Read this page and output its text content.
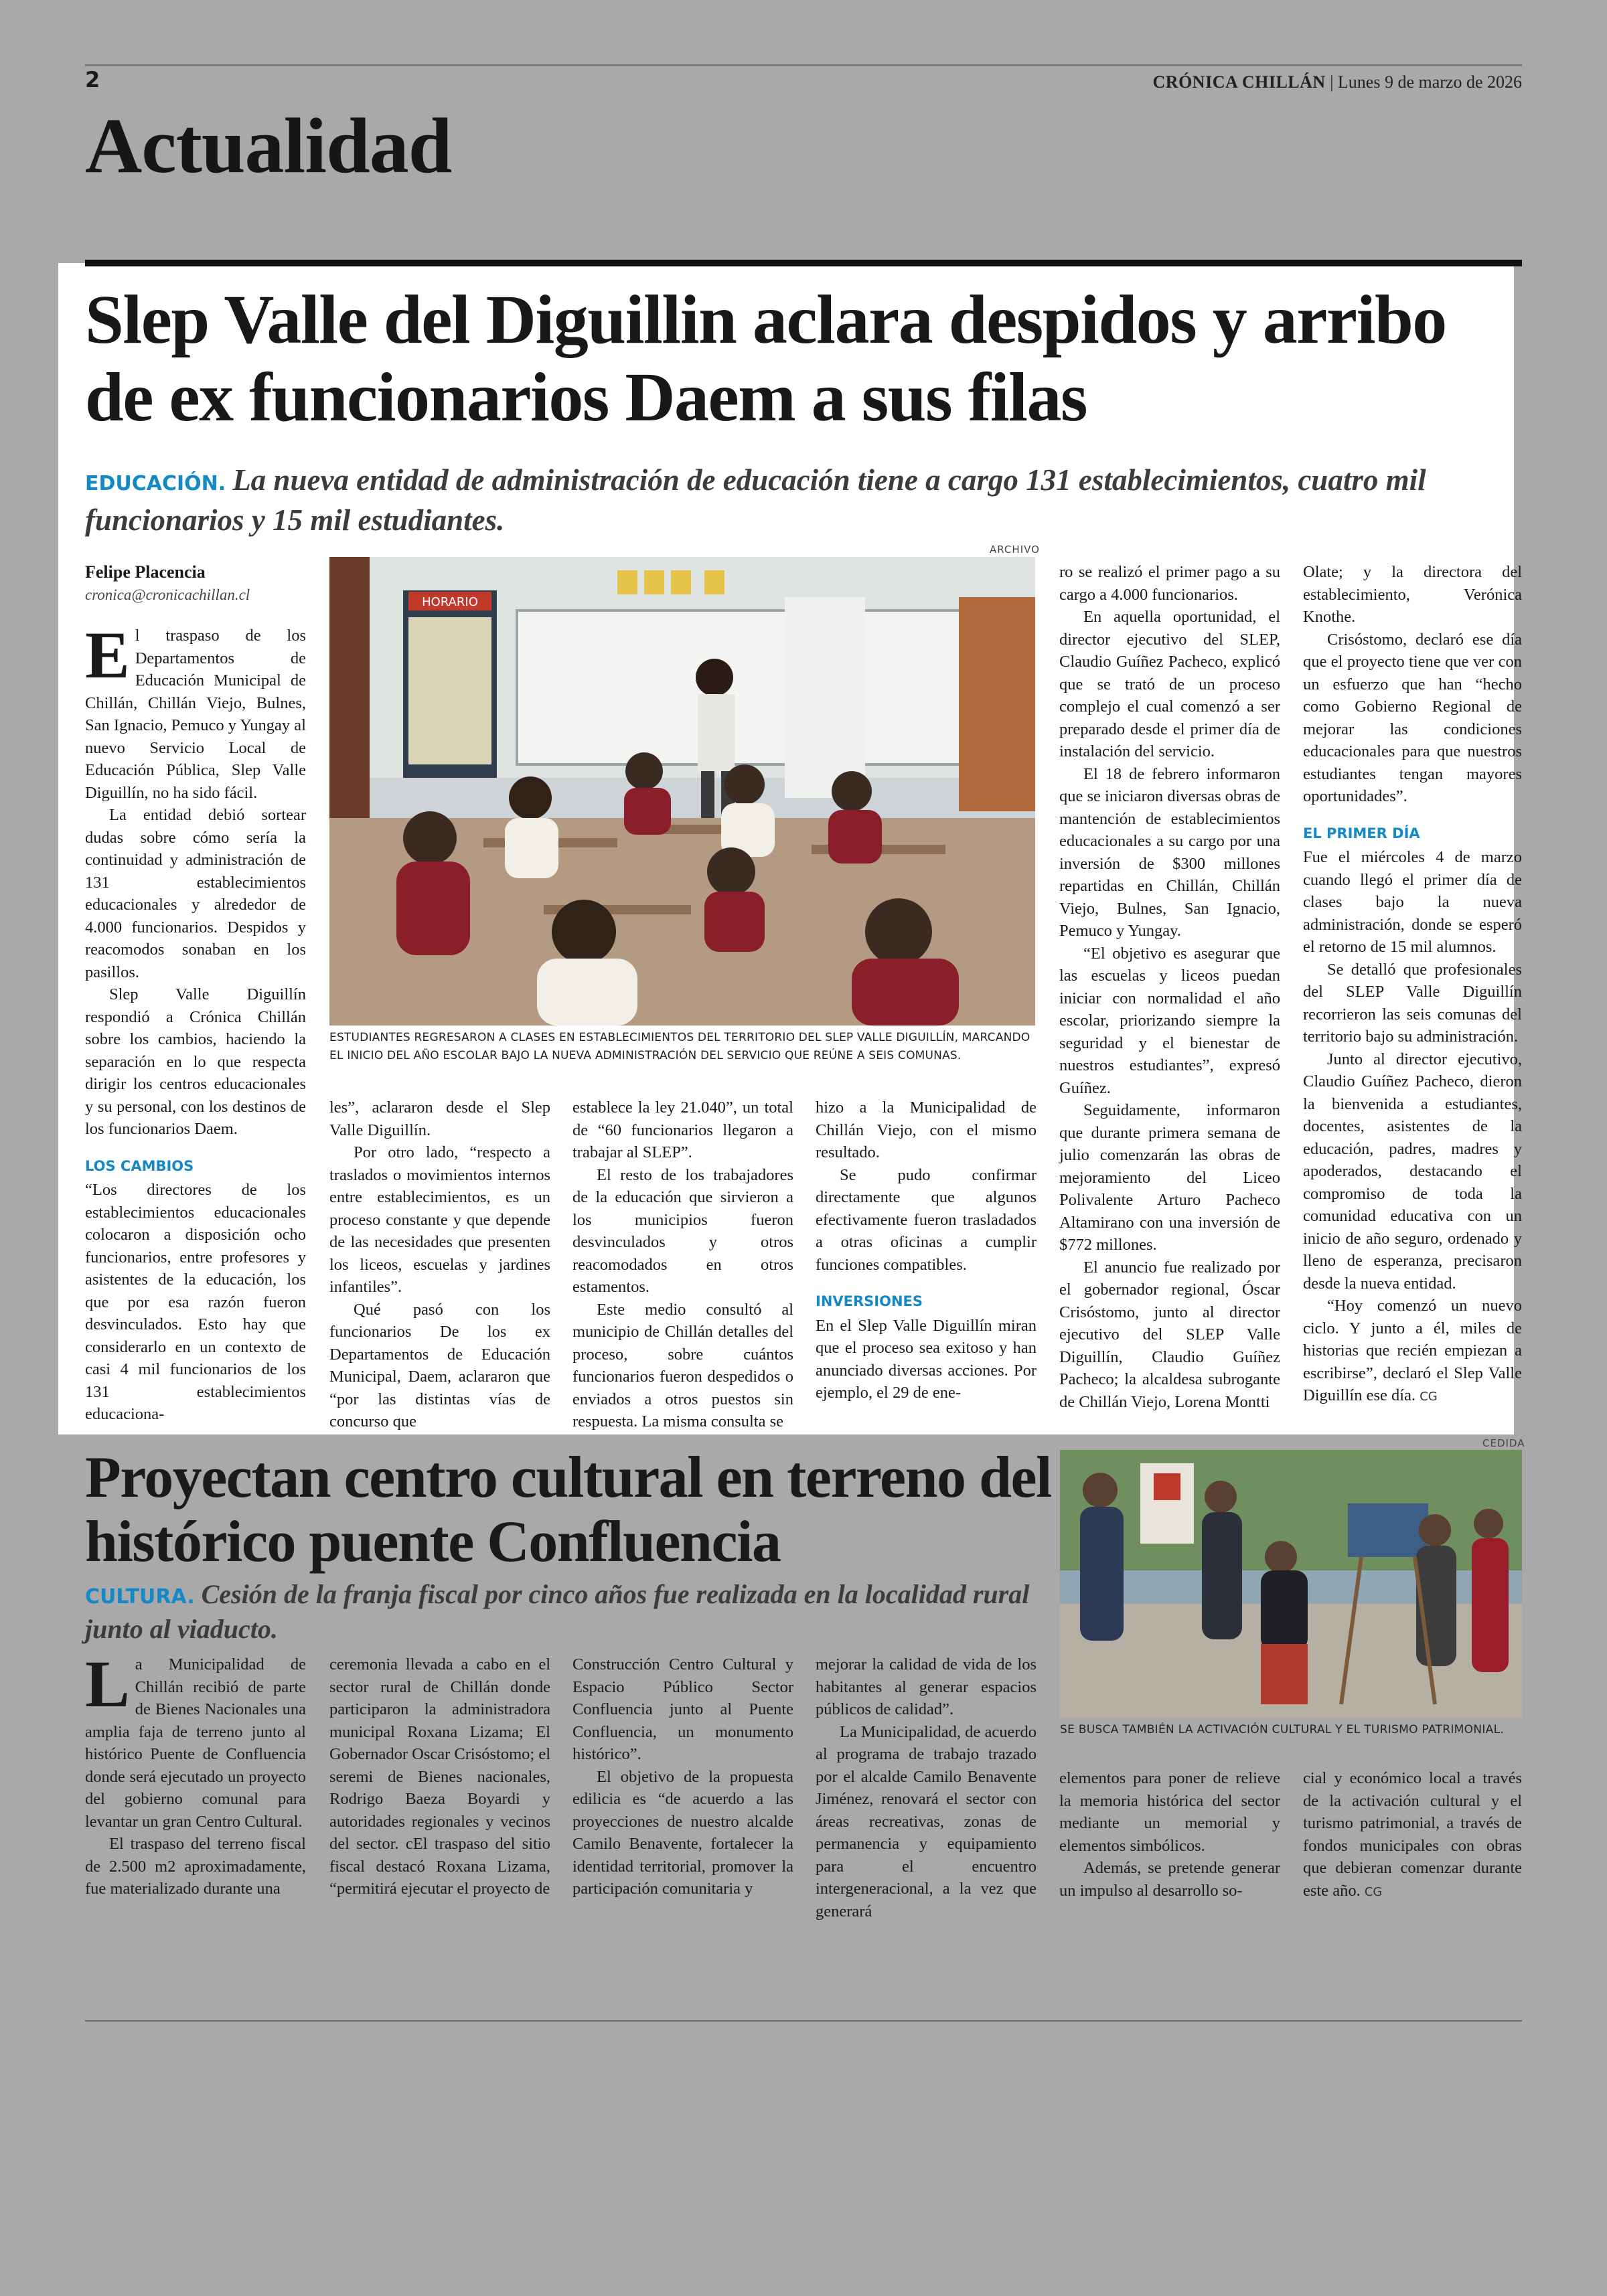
2	CRÓNICA CHILLÁN | Lunes 9 de marzo de 2026
Actualidad
Slep Valle del Diguillin aclara despidos y arribo de ex funcionarios Daem a sus filas
EDUCACIÓN. La nueva entidad de administración de educación tiene a cargo 131 establecimientos, cuatro mil funcionarios y 15 mil estudiantes.
Felipe Placencia
cronica@cronicachillan.cl
ARCHIVO
HORARIO
ESTUDIANTES REGRESARON A CLASES EN ESTABLECIMIENTOS DEL TERRITORIO DEL SLEP VALLE DIGUILLÍN, MARCANDO EL INICIO DEL AÑO ESCOLAR BAJO LA NUEVA ADMINISTRACIÓN DEL SERVICIO QUE REÚNE A SEIS COMUNAS.

El traspaso de los Departamentos de Educación Municipal de Chillán, Chillán Viejo, Bulnes, San Ignacio, Pemuco y Yungay al nuevo Servicio Local de Educación Pública, Slep Valle Diguillín, no ha sido fácil.

La entidad debió sortear dudas sobre cómo sería la continuidad y administración de 131 establecimientos educacionales y alrededor de 4.000 funcionarios. Despidos y reacomodos sonaban en los pasillos.

Slep Valle Diguillín respondió a Crónica Chillán sobre los cambios, haciendo la separación en lo que respecta dirigir los centros educacionales y su personal, con los destinos de los funcionarios Daem.

LOS CAMBIOS

“Los directores de los establecimientos educacionales colocaron a disposición ocho funcionarios, entre profesores y asistentes de la educación, los que por esa razón fueron desvinculados. Esto hay que considerarlo en un contexto de casi 4 mil funcionarios de los 131 establecimientos educaciona-

les”, aclararon desde el Slep Valle Diguillín.

Por otro lado, “respecto a traslados o movimientos internos entre establecimientos, es un proceso constante y que depende de las necesidades que presenten los liceos, escuelas y jardines infantiles”.

Qué pasó con los funcionarios De los ex Departamentos de Educación Municipal, Daem, aclararon que “por las distintas vías de concurso que

establece la ley 21.040”, un total de “60 funcionarios llegaron a trabajar al SLEP”.

El resto de los trabajadores de la educación que sirvieron a los municipios fueron desvinculados y otros reacomodados en otros estamentos.

Este medio consultó al municipio de Chillán detalles del proceso, sobre cuántos funcionarios fueron despedidos o enviados a otros puestos sin respuesta. La misma consulta se

hizo a la Municipalidad de Chillán Viejo, con el mismo resultado.

Se pudo confirmar directamente que algunos efectivamente fueron trasladados a otras oficinas a cumplir funciones compatibles.

INVERSIONES

En el Slep Valle Diguillín miran que el proceso sea exitoso y han anunciado diversas acciones. Por ejemplo, el 29 de ene-

ro se realizó el primer pago a su cargo a 4.000 funcionarios.

En aquella oportunidad, el director ejecutivo del SLEP, Claudio Guíñez Pacheco, explicó que se trató de un proceso complejo el cual comenzó a ser preparado desde el primer día de instalación del servicio.

El 18 de febrero informaron que se iniciaron diversas obras de mantención de establecimientos educacionales a su cargo por una inversión de $300 millones repartidas en Chillán, Chillán Viejo, Bulnes, San Ignacio, Pemuco y Yungay.

“El objetivo es asegurar que las escuelas y liceos puedan iniciar con normalidad el año escolar, priorizando siempre la seguridad y el bienestar de nuestros estudiantes”, expresó Guíñez.

Seguidamente, informaron que durante primera semana de julio comenzarán las obras de mejoramiento del Liceo Polivalente Arturo Pacheco Altamirano con una inversión de $772 millones.

El anuncio fue realizado por el gobernador regional, Óscar Crisóstomo, junto al director ejecutivo del SLEP Valle Diguillín, Claudio Guíñez Pacheco; la alcaldesa subrogante de Chillán Viejo, Lorena Montti

Olate; y la directora del establecimiento, Verónica Knothe.

Crisóstomo, declaró ese día que el proyecto tiene que ver con un esfuerzo que han “hecho como Gobierno Regional de mejorar las condiciones educacionales para que nuestros estudiantes tengan mayores oportunidades”.

EL PRIMER DÍA

Fue el miércoles 4 de marzo cuando llegó el primer día de clases bajo la nueva administración, donde se esperó el retorno de 15 mil alumnos.

Se detalló que profesionales del SLEP Valle Diguillín recorrieron las seis comunas del territorio bajo su administración.

Junto al director ejecutivo, Claudio Guíñez Pacheco, dieron la bienvenida a estudiantes, docentes, asistentes de la educación, padres, madres y apoderados, destacando el compromiso de toda la comunidad educativa con un inicio de año seguro, ordenado y lleno de esperanza, precisaron desde la nueva entidad.

“Hoy comenzó un nuevo ciclo. Y junto a él, miles de historias que recién empiezan a escribirse”, declaró el Slep Valle Diguillín ese día. CG

Proyectan centro cultural en terreno del histórico puente Confluencia
CULTURA. Cesión de la franja fiscal por cinco años fue realizada en la localidad rural junto al viaducto.
CEDIDA
SE BUSCA TAMBIÉN LA ACTIVACIÓN CULTURAL Y EL TURISMO PATRIMONIAL.

La Municipalidad de Chillán recibió de parte de Bienes Nacionales una amplia faja de terreno junto al histórico Puente de Confluencia donde será ejecutado un proyecto del gobierno comunal para levantar un gran Centro Cultural.

El traspaso del terreno fiscal de 2.500 m2 aproximadamente, fue materializado durante una

ceremonia llevada a cabo en el sector rural de Chillán donde participaron la administradora municipal Roxana Lizama; El Gobernador Oscar Crisóstomo; el seremi de Bienes nacionales, Rodrigo Baeza Boyardi y autoridades regionales y vecinos del sector. cEl traspaso del sitio fiscal destacó Roxana Lizama, “permitirá ejecutar el proyecto de

Construcción Centro Cultural y Espacio Público Sector Confluencia junto al Puente Confluencia, un monumento histórico”.

El objetivo de la propuesta edilicia es “de acuerdo a las proyecciones de nuestro alcalde Camilo Benavente, fortalecer la identidad territorial, promover la participación comunitaria y

mejorar la calidad de vida de los habitantes al generar espacios públicos de calidad”.

La Municipalidad, de acuerdo al programa de trabajo trazado por el alcalde Camilo Benavente Jiménez, renovará el sector con áreas recreativas, zonas de permanencia y equipamiento para el encuentro intergeneracional, a la vez que generará

elementos para poner de relieve la memoria histórica del sector mediante un memorial y elementos simbólicos.

Además, se pretende generar un impulso al desarrollo so-

cial y económico local a través de la activación cultural y el turismo patrimonial, a través de fondos municipales con obras que debieran comenzar durante este año. CG
